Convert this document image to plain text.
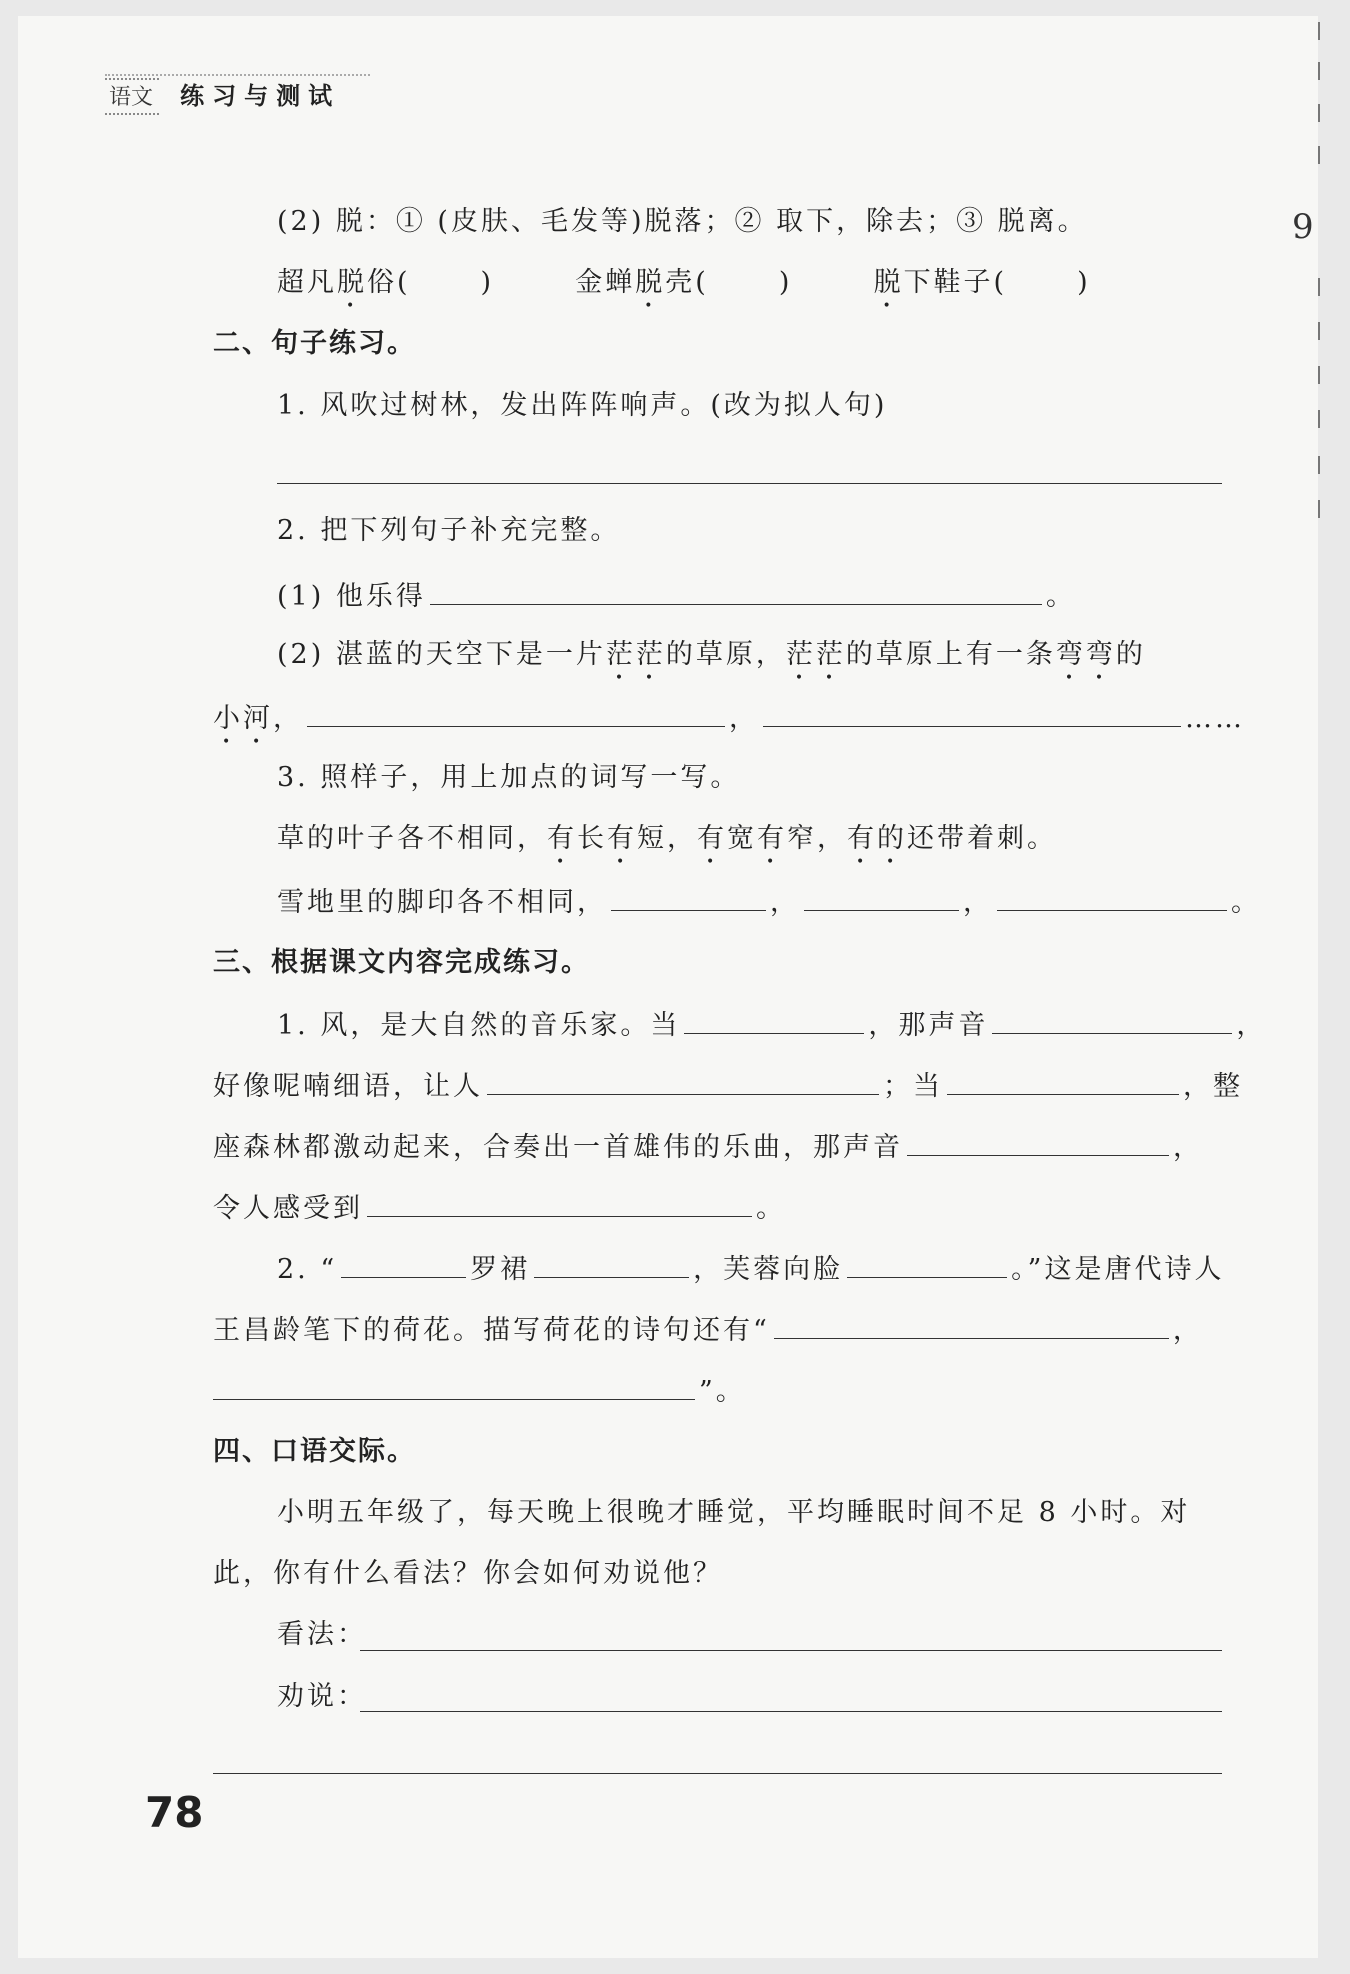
语文 练习与测试
9
(2) 脱：① (皮肤、毛发等)脱落；② 取下，除去；③ 脱离。
超凡脱俗(	)	金蝉脱壳(	)	脱下鞋子(	)
二、句子练习。
1. 风吹过树林，发出阵阵响声。(改为拟人句)
2. 把下列句子补充完整。
(1) 他乐得	。
(2) 湛蓝的天空下是一片茫茫的草原，茫茫的草原上有一条弯弯的
小河，	，	……
3. 照样子，用上加点的词写一写。
草的叶子各不相同，有长有短，有宽有窄，有的还带着刺。
雪地里的脚印各不相同，	，	，	。
三、根据课文内容完成练习。
1. 风，是大自然的音乐家。当	，那声音	，
好像呢喃细语，让人	；当	，整
座森林都激动起来，合奏出一首雄伟的乐曲，那声音	，
令人感受到	。
2. “	罗裙	，芙蓉向脸	。”这是唐代诗人
王昌龄笔下的荷花。描写荷花的诗句还有“	，
”。
四、口语交际。
小明五年级了，每天晚上很晚才睡觉，平均睡眠时间不足 8 小时。对
此，你有什么看法？你会如何劝说他？
看法：
劝说：
78
